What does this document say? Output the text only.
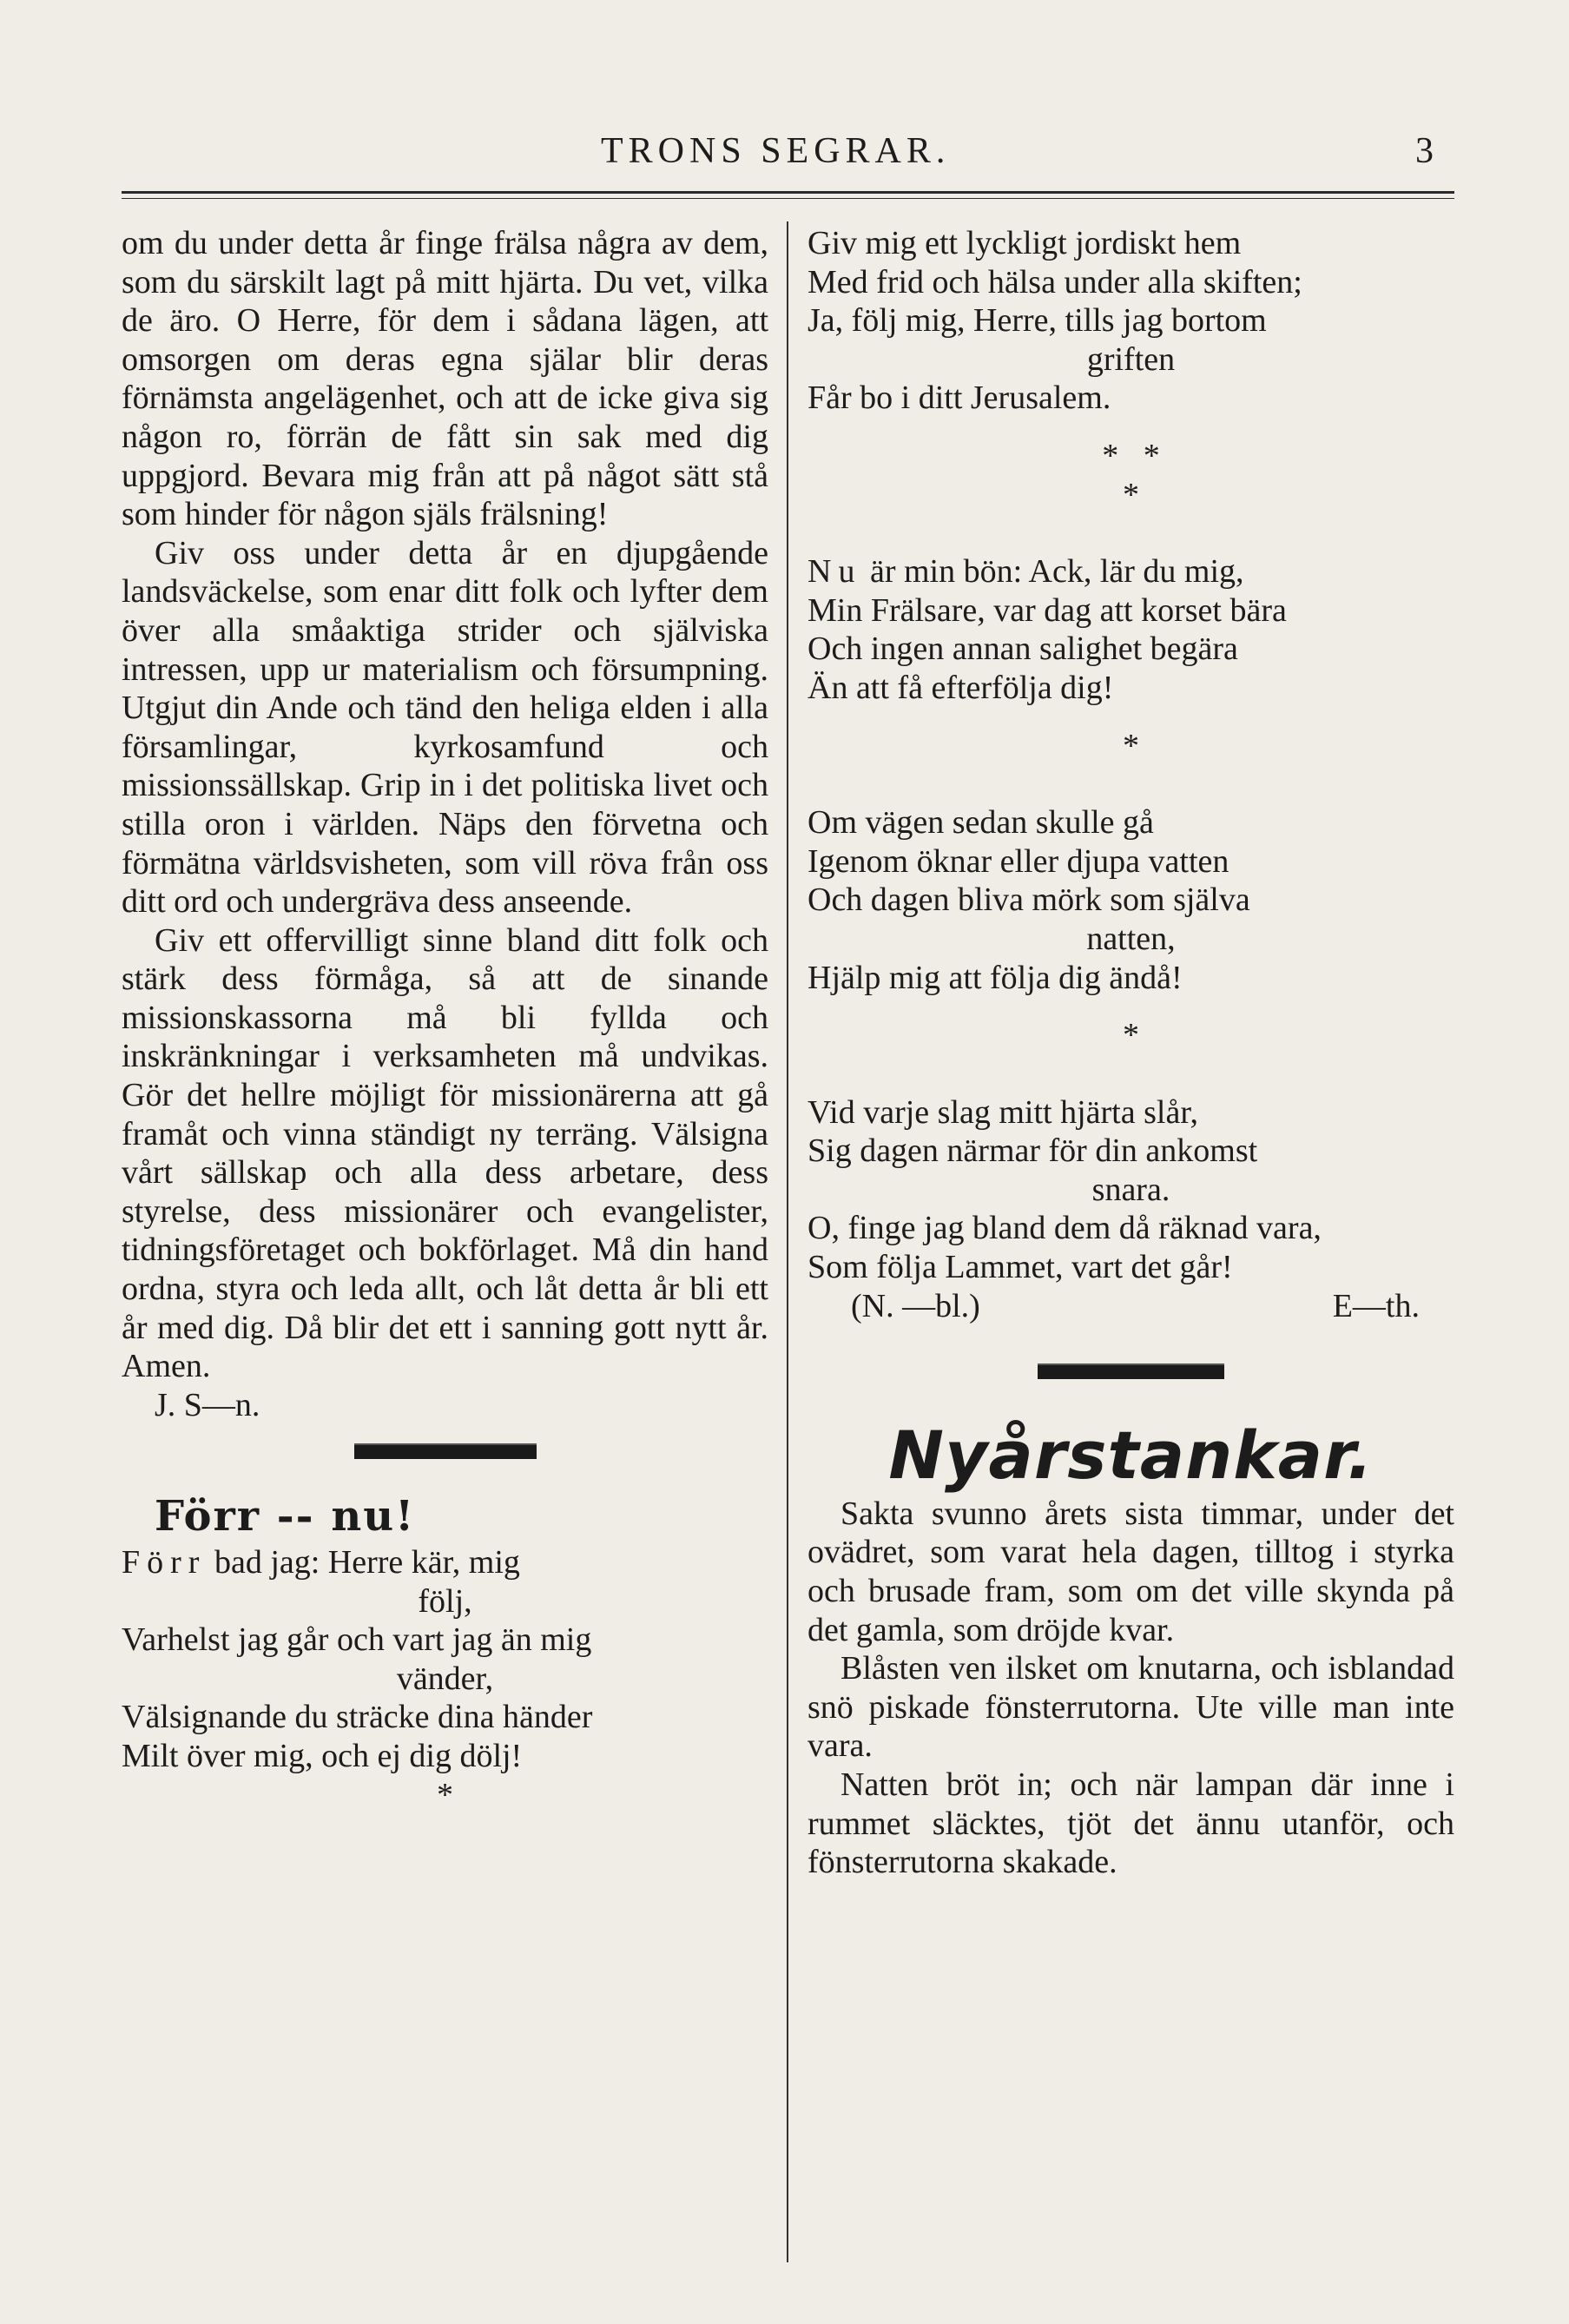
TRONS SEGRAR.	3

om du under detta år finge frälsa några av dem, som du särskilt lagt på mitt hjärta. Du vet, vilka de äro. O Herre, för dem i sådana lägen, att omsorgen om deras egna själar blir deras förnämsta angelägenhet, och att de icke giva sig någon ro, förrän de fått sin sak med dig uppgjord. Bevara mig från att på något sätt stå som hinder för någon själs frälsning!

Giv oss under detta år en djupgående landsväckelse, som enar ditt folk och lyfter dem över alla småaktiga strider och själviska intressen, upp ur materialism och försumpning. Utgjut din Ande och tänd den heliga elden i alla församlingar, kyrkosamfund och missionssällskap. Grip in i det politiska livet och stilla oron i världen. Näps den förvetna och förmätna världsvisheten, som vill röva från oss ditt ord och undergräva dess anseende.

Giv ett offervilligt sinne bland ditt folk och stärk dess förmåga, så att de sinande missionskassorna må bli fyllda och inskränkningar i verksamheten må undvikas. Gör det hellre möjligt för missionärerna att gå framåt och vinna ständigt ny terräng. Välsigna vårt sällskap och alla dess arbetare, dess styrelse, dess missionärer och evangelister, tidningsföretaget och bokförlaget. Må din hand ordna, styra och leda allt, och låt detta år bli ett år med dig. Då blir det ett i sanning gott nytt år. Amen.

J. S—n.

Förr -- nu!

Förr bad jag: Herre kär, mig
följ,
Varhelst jag går och vart jag än mig
vänder,
Välsignande du sträcke dina händer
Milt över mig, och ej dig dölj!
*
Giv mig ett lyckligt jordiskt hem
Med frid och hälsa under alla skiften;
Ja, följ mig, Herre, tills jag bortom
griften
Får bo i ditt Jerusalem.
*   *
*
Nu är min bön: Ack, lär du mig,
Min Frälsare, var dag att korset bära
Och ingen annan salighet begära
Än att få efterfölja dig!
*
Om vägen sedan skulle gå
Igenom öknar eller djupa vatten
Och dagen bliva mörk som själva
natten,
Hjälp mig att följa dig ändå!
*
Vid varje slag mitt hjärta slår,
Sig dagen närmar för din ankomst
snara.
O, finge jag bland dem då räknad vara,
Som följa Lammet, vart det går!
(N. —bl.)	E—th.

Nyårstankar.

Sakta svunno årets sista timmar, under det ovädret, som varat hela dagen, tilltog i styrka och brusade fram, som om det ville skynda på det gamla, som dröjde kvar.

Blåsten ven ilsket om knutarna, och isblandad snö piskade fönsterrutorna. Ute ville man inte vara.

Natten bröt in; och när lampan där inne i rummet släcktes, tjöt det ännu utanför, och fönsterrutorna skakade.
